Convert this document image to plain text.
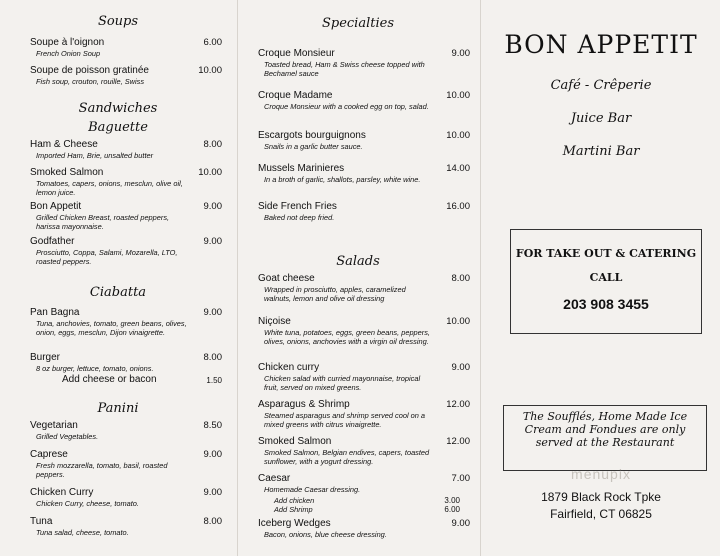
Soups
Soupe à l'oignon	6.00
French Onion Soup
Soupe de poisson gratinée	10.00
Fish soup, crouton, rouille, Swiss
Sandwiches
Baguette
Ham & Cheese	8.00
Imported Ham, Brie, unsalted butter
Smoked Salmon	10.00
Tomatoes, capers, onions, mesclun, olive oil, lemon juice.
Bon Appetit	9.00
Grilled Chicken Breast, roasted peppers, harissa mayonnaise.
Godfather	9.00
Prosciutto, Coppa, Salami, Mozarella, LTO, roasted peppers.
Ciabatta
Pan Bagna	9.00
Tuna, anchovies, tomato, green beans, olives, onion, eggs, mesclun, Dijon vinaigrette.
Burger	8.00
8 oz burger, lettuce, tomato, onions.
Add cheese or bacon	1.50
Panini
Vegetarian	8.50
Grilled Vegetables.
Caprese	9.00
Fresh mozzarella, tomato, basil, roasted peppers.
Chicken Curry	9.00
Chicken Curry, cheese, tomato.
Tuna	8.00
Tuna salad, cheese, tomato.
Specialties
Croque Monsieur	9.00
Toasted bread, Ham & Swiss cheese topped with Bechamel sauce
Croque Madame	10.00
Croque Monsieur with a cooked egg on top, salad.
Escargots bourguignons	10.00
Snails in a garlic butter sauce.
Mussels Marinieres	14.00
In a broth of garlic, shallots, parsley, white wine.
Side French Fries	16.00
Baked not deep fried.
Salads
Goat cheese	8.00
Wrapped in prosciutto, apples, caramelized walnuts, lemon and olive oil dressing
Niçoise	10.00
White tuna, potatoes, eggs, green beans, peppers, olives, onions, anchovies with a virgin oil dressing.
Chicken curry	9.00
Chicken salad with curried mayonnaise, tropical fruit, served on mixed greens.
Asparagus & Shrimp	12.00
Steamed asparagus and shrimp served cool on a mixed greens with citrus vinaigrette.
Smoked Salmon	12.00
Smoked Salmon, Belgian endives, capers, toasted sunflower, with a yogurt dressing.
Caesar	7.00
Homemade Caesar dressing.
Add chicken	3.00
Add Shrimp	6.00
Iceberg Wedges	9.00
Bacon, onions, blue cheese dressing.
BON APPETIT
Café - Crêperie
Juice Bar
Martini Bar
FOR TAKE OUT & CATERING
CALL
203 908 3455
The Soufflés, Home Made Ice Cream and Fondues are only served at the Restaurant
menupix
1879 Black Rock Tpke
Fairfield, CT 06825
